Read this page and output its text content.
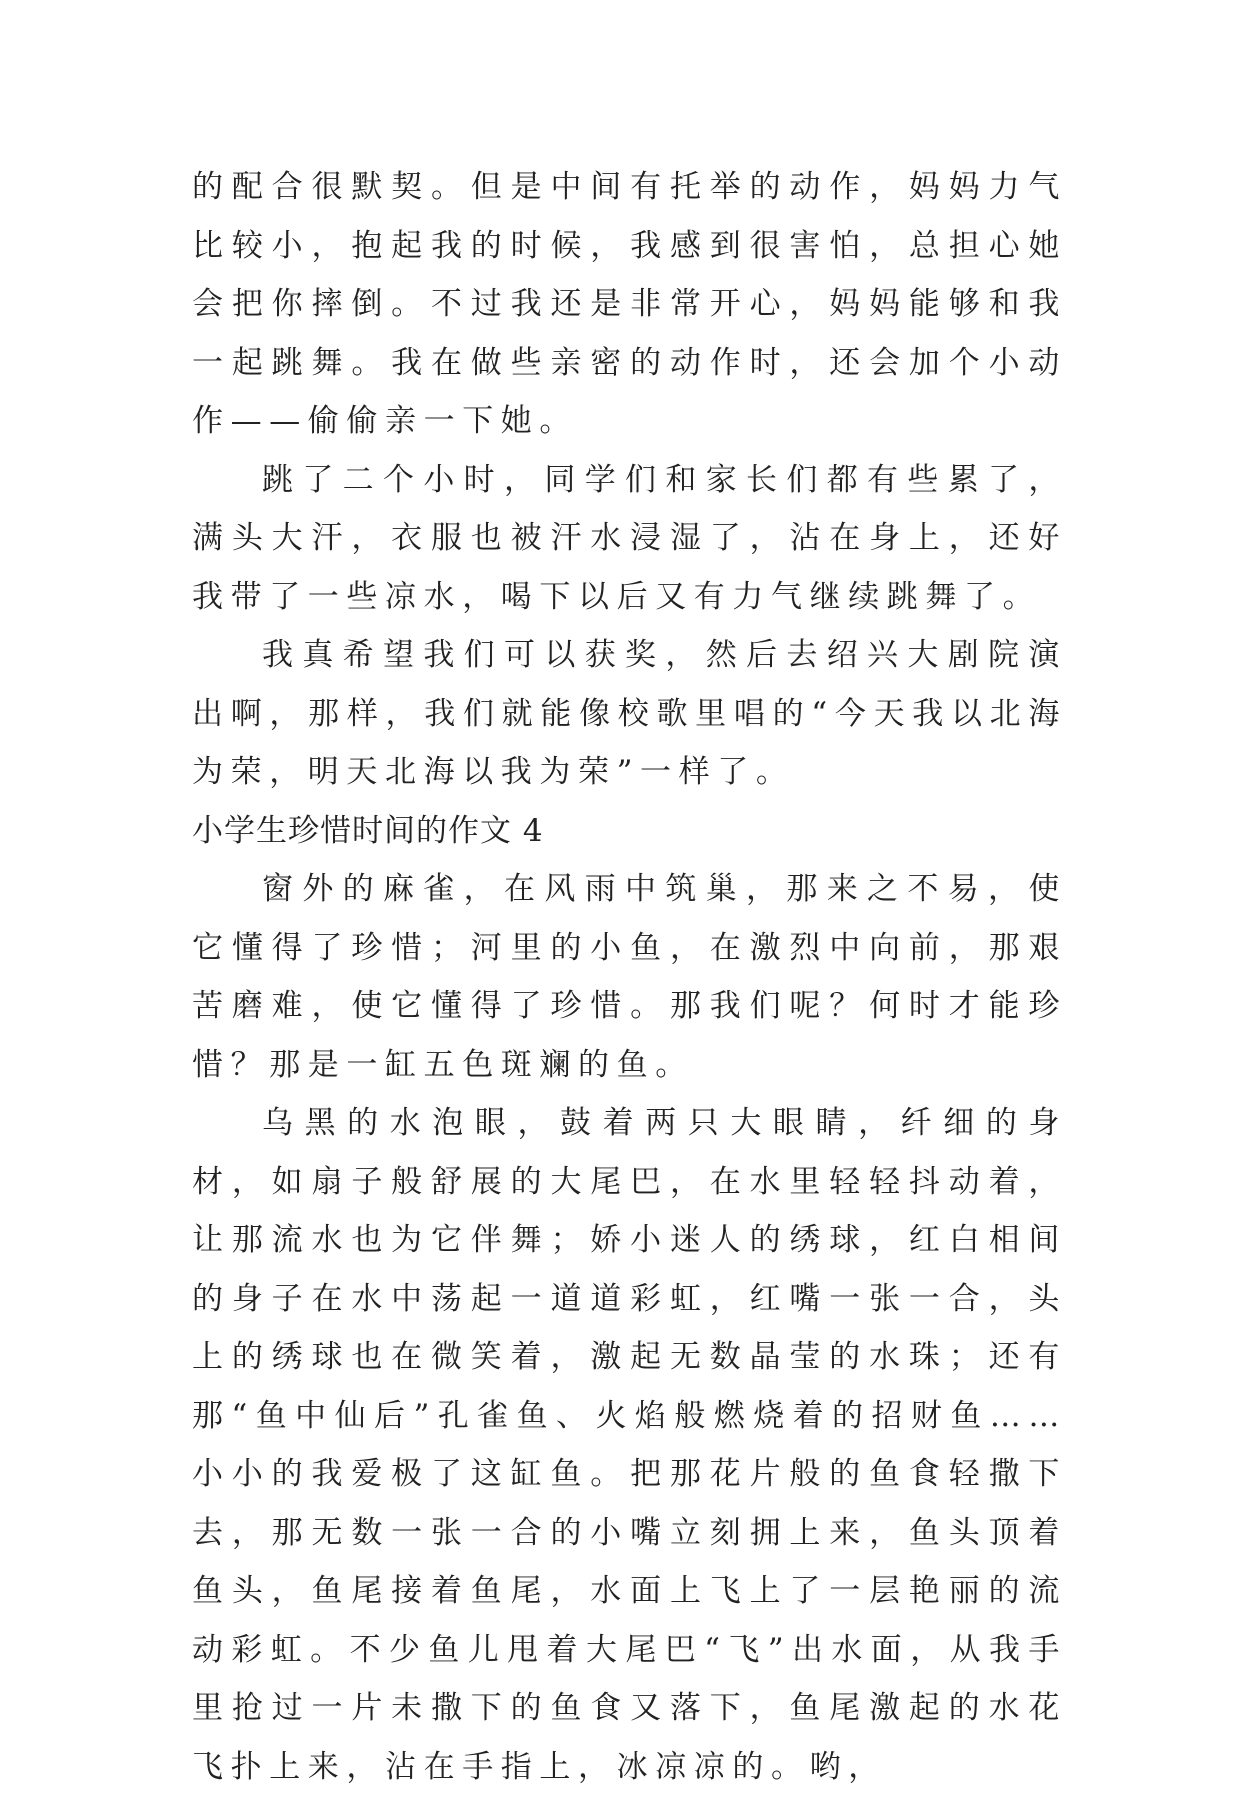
的配合很默契。但是中间有托举的动作，妈妈力气比较小，抱起我的时候，我感到很害怕，总担心她会把你摔倒。不过我还是非常开心，妈妈能够和我一起跳舞。我在做些亲密的动作时，还会加个小动作——偷偷亲一下她。

跳了二个小时，同学们和家长们都有些累了，满头大汗，衣服也被汗水浸湿了，沾在身上，还好我带了一些凉水，喝下以后又有力气继续跳舞了。

我真希望我们可以获奖，然后去绍兴大剧院演出啊，那样，我们就能像校歌里唱的“今天我以北海为荣，明天北海以我为荣”一样了。

小学生珍惜时间的作文 4

窗外的麻雀，在风雨中筑巢，那来之不易，使它懂得了珍惜；河里的小鱼，在激烈中向前，那艰苦磨难，使它懂得了珍惜。那我们呢？何时才能珍惜？那是一缸五色斑斓的鱼。

乌黑的水泡眼，鼓着两只大眼睛，纤细的身材，如扇子般舒展的大尾巴，在水里轻轻抖动着，让那流水也为它伴舞；娇小迷人的绣球，红白相间的身子在水中荡起一道道彩虹，红嘴一张一合，头上的绣球也在微笑着，激起无数晶莹的水珠；还有那“鱼中仙后”孔雀鱼、火焰般燃烧着的招财鱼……小小的我爱极了这缸鱼。把那花片般的鱼食轻撒下去，那无数一张一合的小嘴立刻拥上来，鱼头顶着鱼头，鱼尾接着鱼尾，水面上飞上了一层艳丽的流动彩虹。不少鱼儿甩着大尾巴“飞”出水面，从我手里抢过一片未撒下的鱼食又落下，鱼尾激起的水花飞扑上来，沾在手指上，冰凉凉的。哟，
